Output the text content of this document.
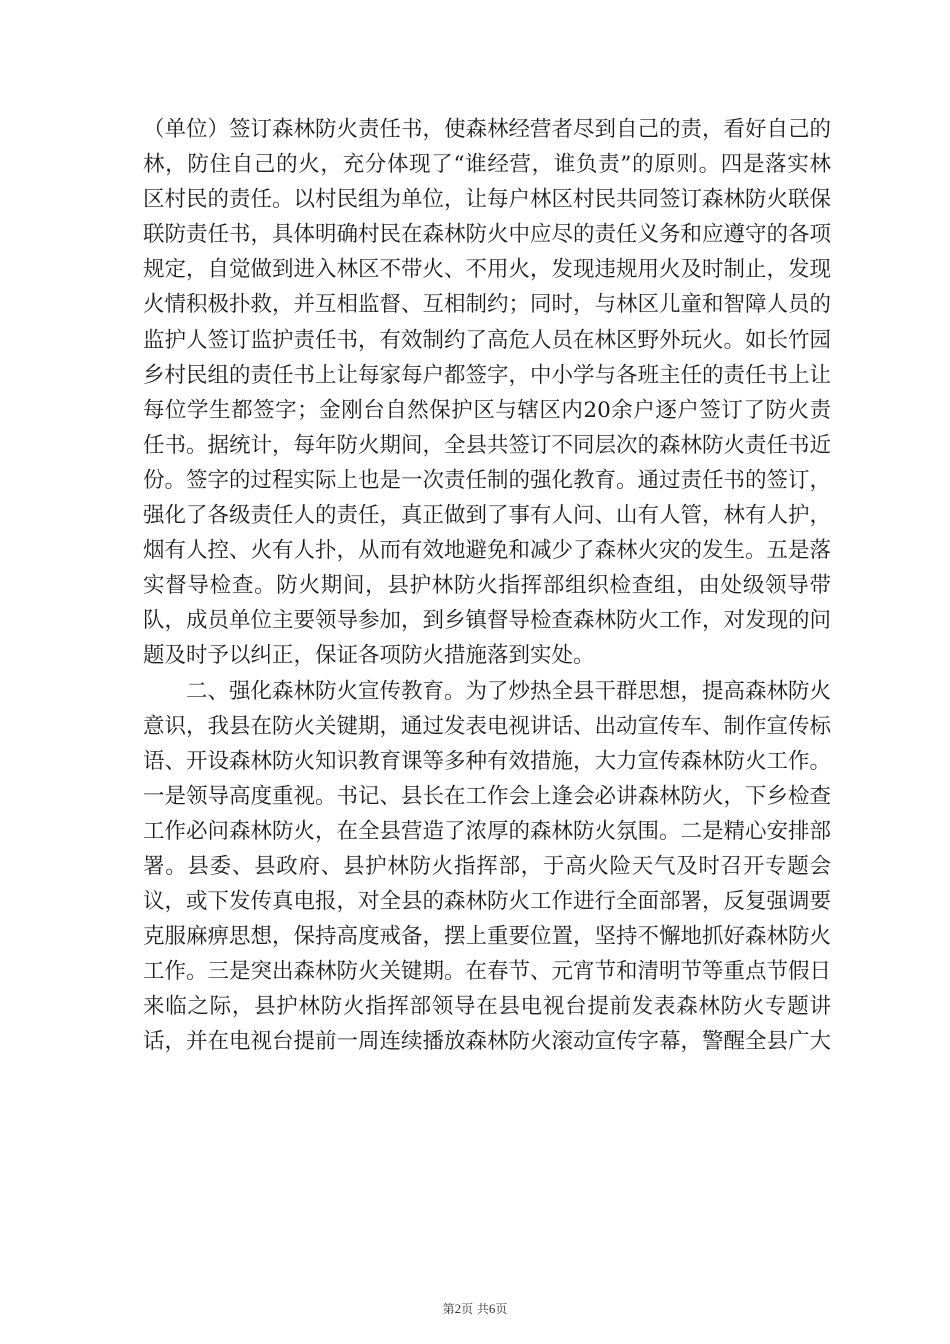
（单位）签订森林防火责任书，使森林经营者尽到自己的责，看好自己的林，防住自己的火，充分体现了“谁经营，谁负责”的原则。四是落实林区村民的责任。以村民组为单位，让每户林区村民共同签订森林防火联保联防责任书，具体明确村民在森林防火中应尽的责任义务和应遵守的各项规定，自觉做到进入林区不带火、不用火，发现违规用火及时制止，发现火情积极扑救，并互相监督、互相制约；同时，与林区儿童和智障人员的监护人签订监护责任书，有效制约了高危人员在林区野外玩火。如长竹园乡村民组的责任书上让每家每户都签字，中小学与各班主任的责任书上让每位学生都签字；金刚台自然保护区与辖区内20余户逐户签订了防火责任书。据统计，每年防火期间，全县共签订不同层次的森林防火责任书近份。签字的过程实际上也是一次责任制的强化教育。通过责任书的签订，强化了各级责任人的责任，真正做到了事有人问、山有人管，林有人护，烟有人控、火有人扑，从而有效地避免和减少了森林火灾的发生。五是落实督导检查。防火期间，县护林防火指挥部组织检查组，由处级领导带队，成员单位主要领导参加，到乡镇督导检查森林防火工作，对发现的问题及时予以纠正，保证各项防火措施落到实处。

二、强化森林防火宣传教育。为了炒热全县干群思想，提高森林防火意识，我县在防火关键期，通过发表电视讲话、出动宣传车、制作宣传标语、开设森林防火知识教育课等多种有效措施，大力宣传森林防火工作。一是领导高度重视。书记、县长在工作会上逢会必讲森林防火，下乡检查工作必问森林防火，在全县营造了浓厚的森林防火氛围。二是精心安排部署。县委、县政府、县护林防火指挥部，于高火险天气及时召开专题会议，或下发传真电报，对全县的森林防火工作进行全面部署，反复强调要克服麻痹思想，保持高度戒备，摆上重要位置，坚持不懈地抓好森林防火工作。三是突出森林防火关键期。在春节、元宵节和清明节等重点节假日来临之际，县护林防火指挥部领导在县电视台提前发表森林防火专题讲话，并在电视台提前一周连续播放森林防火滚动宣传字幕，警醒全县广大

第2页 共6页
